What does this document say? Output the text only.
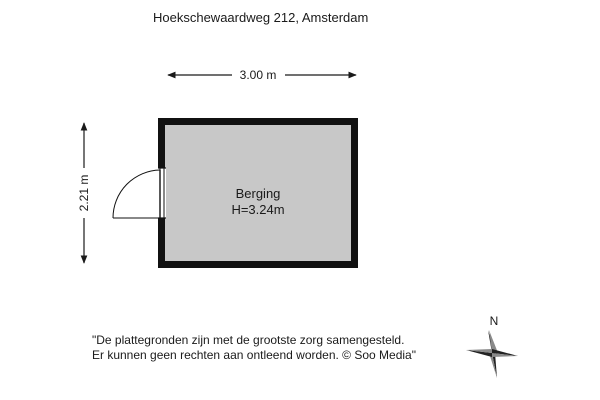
Hoekschewaardweg 212, Amsterdam
3.00 m
2.21 m	Berging
H=3.24m
N
"De plattegronden zijn met de grootste zorg samengesteld.
Er kunnen geen rechten aan ontleend worden. © Soo Media"
